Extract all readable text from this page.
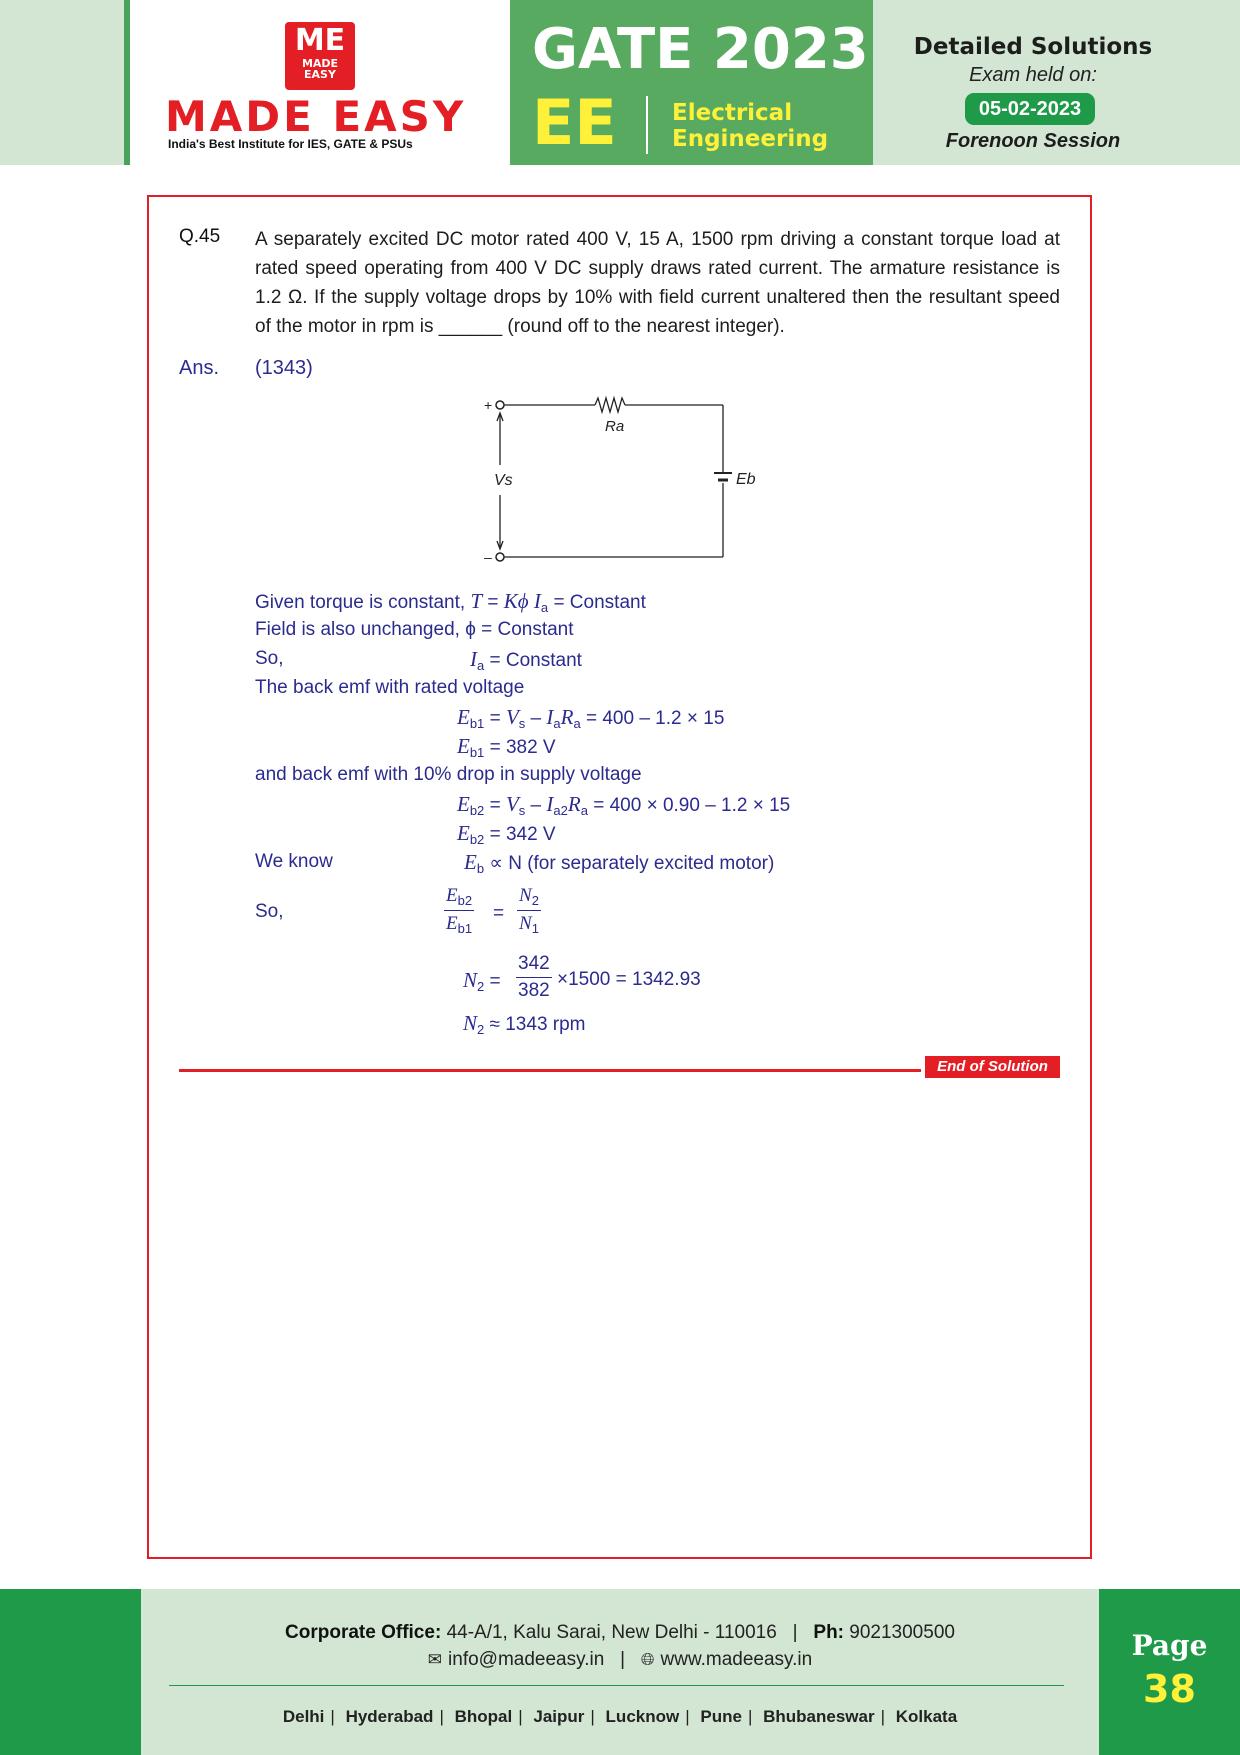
ME
MADE EASY
MADE EASY
India's Best Institute for IES, GATE & PSUs
GATE 2023
EE Electrical
Engineering
Detailed Solutions
Exam held on:
05-02-2023
Forenoon Session
Q.45 A separately excited DC motor rated 400 V, 15 A, 1500 rpm driving a constant torque load at rated speed operating from 400 V DC supply draws rated current. The armature resistance is 1.2 Ω. If the supply voltage drops by 10% with field current unaltered then the resultant speed of the motor in rpm is ______ (round off to the nearest integer).
Ans. (1343)
+
–
Ra
Vs	Eb
Given torque is constant, T = Kϕ $I_a$ = Constant
Field is also unchanged, ϕ = Constant
So,	$I_a$ = Constant
The back emf with rated voltage
$E_{b1} = V_s - I_aR_a = 400 - 1.2 \times 15$
$E_{b1} = 382$ V
and back emf with 10% drop in supply voltage
$E_{b2} = V_s - I_{a2}R_a = 400 \times 0.90 - 1.2 \times 15$
$E_{b2} = 342$ V
We know	$E_b \propto N$ (for separately excited motor)
So,	$\frac{E_{b2}}{E_{b1}} = \frac{N_2}{N_1}$
$N_2 = \frac{342}{382} \times 1500 = 1342.93$
$N_2 \approx 1343$ rpm
End of Solution
Corporate Office: 44-A/1, Kalu Sarai, New Delhi - 110016   |   Ph: 9021300500
✉ info@madeeasy.in   |   🌐︎ www.madeeasy.in
Delhi | Hyderabad | Bhopal | Jaipur | Lucknow | Pune | Bhubaneswar | Kolkata
Page
38
